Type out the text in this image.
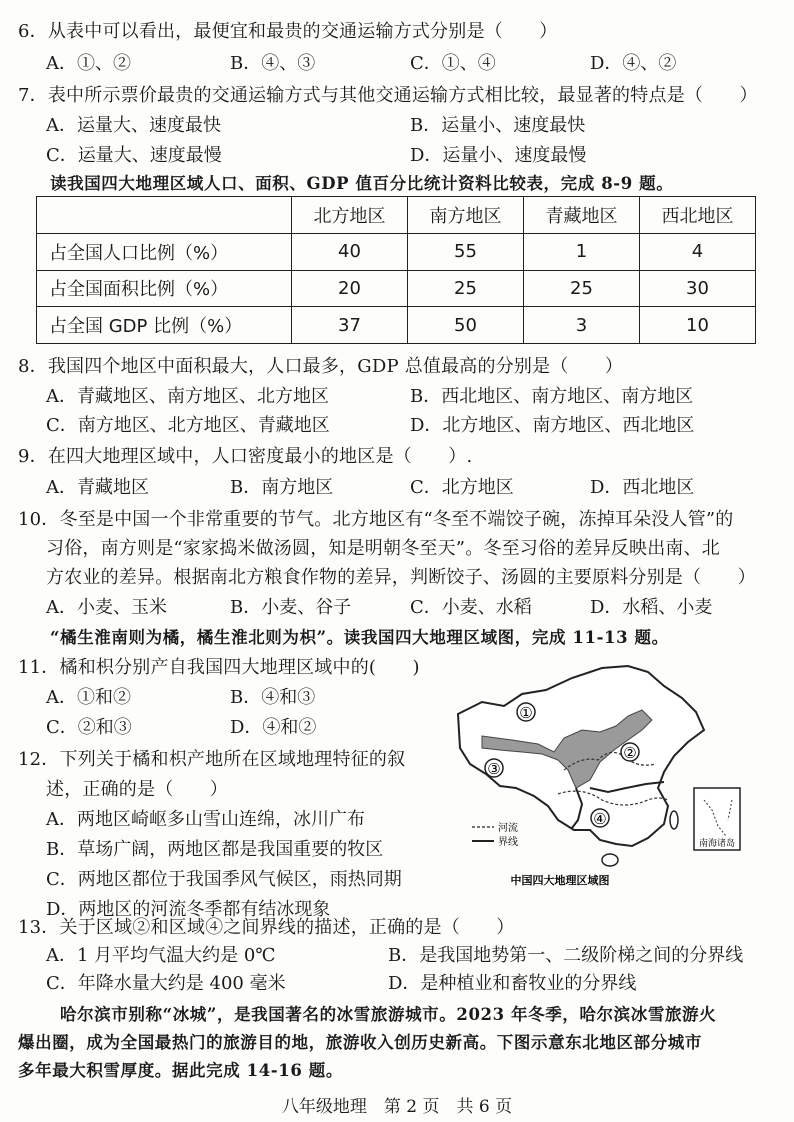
6．从表中可以看出，最便宜和最贵的交通运输方式分别是（　　）
A．①、②	B．④、③	C．①、④	D．④、②
7．表中所示票价最贵的交通运输方式与其他交通运输方式相比较，最显著的特点是（　　）
A．运量大、速度最快	B．运量小、速度最快
C．运量大、速度最慢	D．运量小、速度最慢
读我国四大地理区域人口、面积、GDP 值百分比统计资料比较表，完成 8-9 题。
	北方地区	南方地区	青藏地区	西北地区
占全国人口比例（%）	40	55	1	4
占全国面积比例（%）	20	25	25	30
占全国 GDP 比例（%）	37	50	3	10
8．我国四个地区中面积最大，人口最多，GDP 总值最高的分别是（　　）
A．青藏地区、南方地区、北方地区	B．西北地区、南方地区、南方地区
C．南方地区、北方地区、青藏地区	D．北方地区、南方地区、西北地区
9．在四大地理区域中，人口密度最小的地区是（　　）.
A．青藏地区	B．南方地区	C．北方地区	D．西北地区
10．冬至是中国一个非常重要的节气。北方地区有“冬至不端饺子碗，冻掉耳朵没人管”的
习俗，南方则是“家家捣米做汤圆，知是明朝冬至天”。冬至习俗的差异反映出南、北
方农业的差异。根据南北方粮食作物的差异，判断饺子、汤圆的主要原料分别是（　　）
A．小麦、玉米	B．小麦、谷子	C．小麦、水稻	D．水稻、小麦
“橘生淮南则为橘，橘生淮北则为枳”。读我国四大地理区域图，完成 11-13 题。
11．橘和枳分别产自我国四大地理区域中的(　　)
A．①和②	B．④和③
C．②和③	D．④和②
12．下列关于橘和枳产地所在区域地理特征的叙
述，正确的是（　　）
A．两地区崎岖多山雪山连绵，冰川广布
B．草场广阔，两地区都是我国重要的牧区
C．两地区都位于我国季风气候区，雨热同期
D．两地区的河流冬季都有结冰现象
①
②
③
④
河流
界线	南海诸岛
中国四大地理区域图
13．关于区域②和区域④之间界线的描述，正确的是（　　）
A．1 月平均气温大约是 0℃	B．是我国地势第一、二级阶梯之间的分界线
C．年降水量大约是 400 毫米	D．是种植业和畜牧业的分界线
哈尔滨市别称“冰城”，是我国著名的冰雪旅游城市。2023 年冬季，哈尔滨冰雪旅游火
爆出圈，成为全国最热门的旅游目的地，旅游收入创历史新高。下图示意东北地区部分城市
多年最大积雪厚度。据此完成 14-16 题。
八年级地理　第 2 页　共 6 页
